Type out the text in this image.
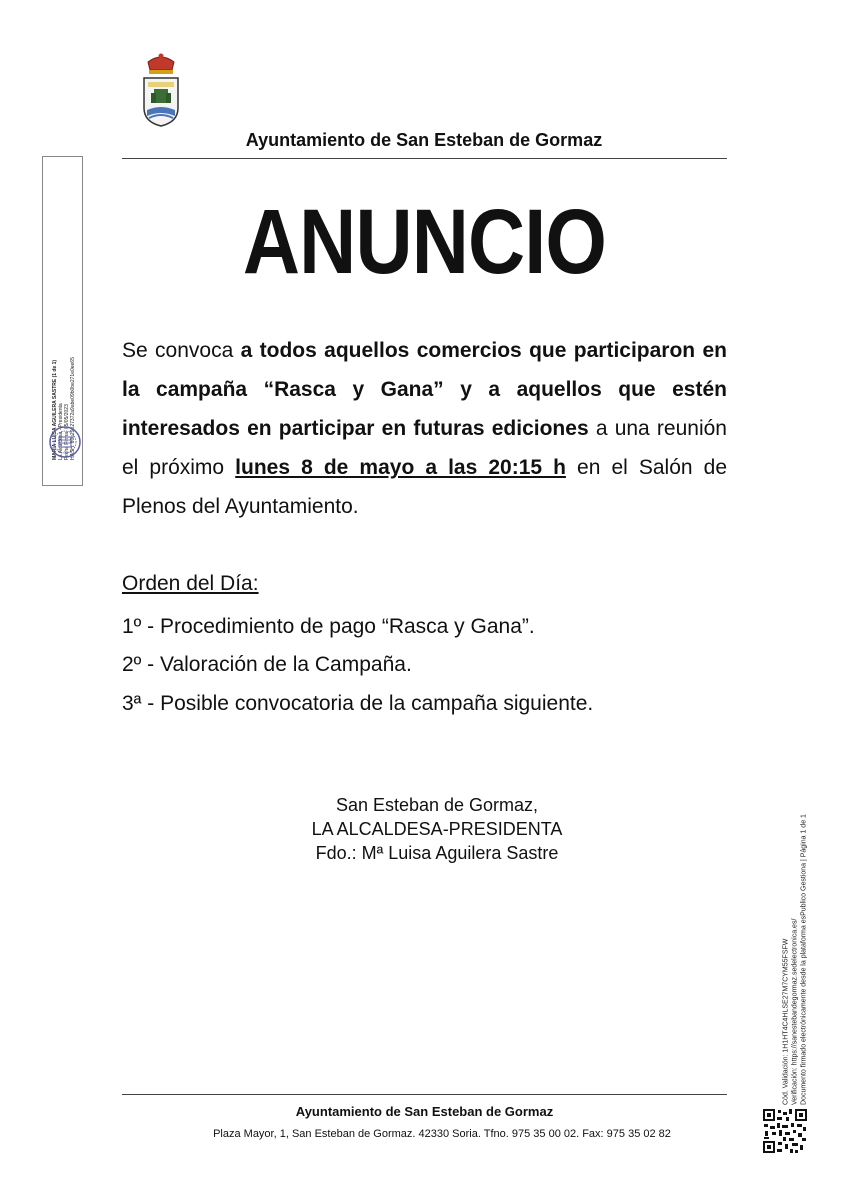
Ayuntamiento de San Esteban de Gormaz
ANUNCIO
Se convoca a todos aquellos comercios que participaron en la campaña “Rasca y Gana” y a aquellos que estén interesados en participar en futuras ediciones a una reunión el próximo lunes 8 de mayo a las 20:15 h en el Salón de Plenos del Ayuntamiento.
Orden del Día:
1º - Procedimiento de pago “Rasca y Gana”.
2º - Valoración de la Campaña.
3ª - Posible convocatoria de la campaña siguiente.
San Esteban de Gormaz,
LA ALCALDESA-PRESIDENTA
Fdo.: Mª Luisa Aguilera Sastre
Ayuntamiento de San Esteban de Gormaz
Plaza Mayor, 1, San Esteban de Gormaz. 42330 Soria. Tfno. 975 35 00 02. Fax: 975 35 02 82
MARÍA LUISA AGUILERA SASTRE (1 de 1) La Alcaldesa - Presidenta Fecha Firma: 05/05/2023 HASH: 60e29e27372a9abe09b0be271e0ee65
Cód. Validación: 1H1HT4C4HLSE27M7CYM55FSFW Verificación: https://sanestebandegormaz.sedelectronica.es/ Documento firmado electrónicamente desde la plataforma esPublico Gestiona | Página 1 de 1
